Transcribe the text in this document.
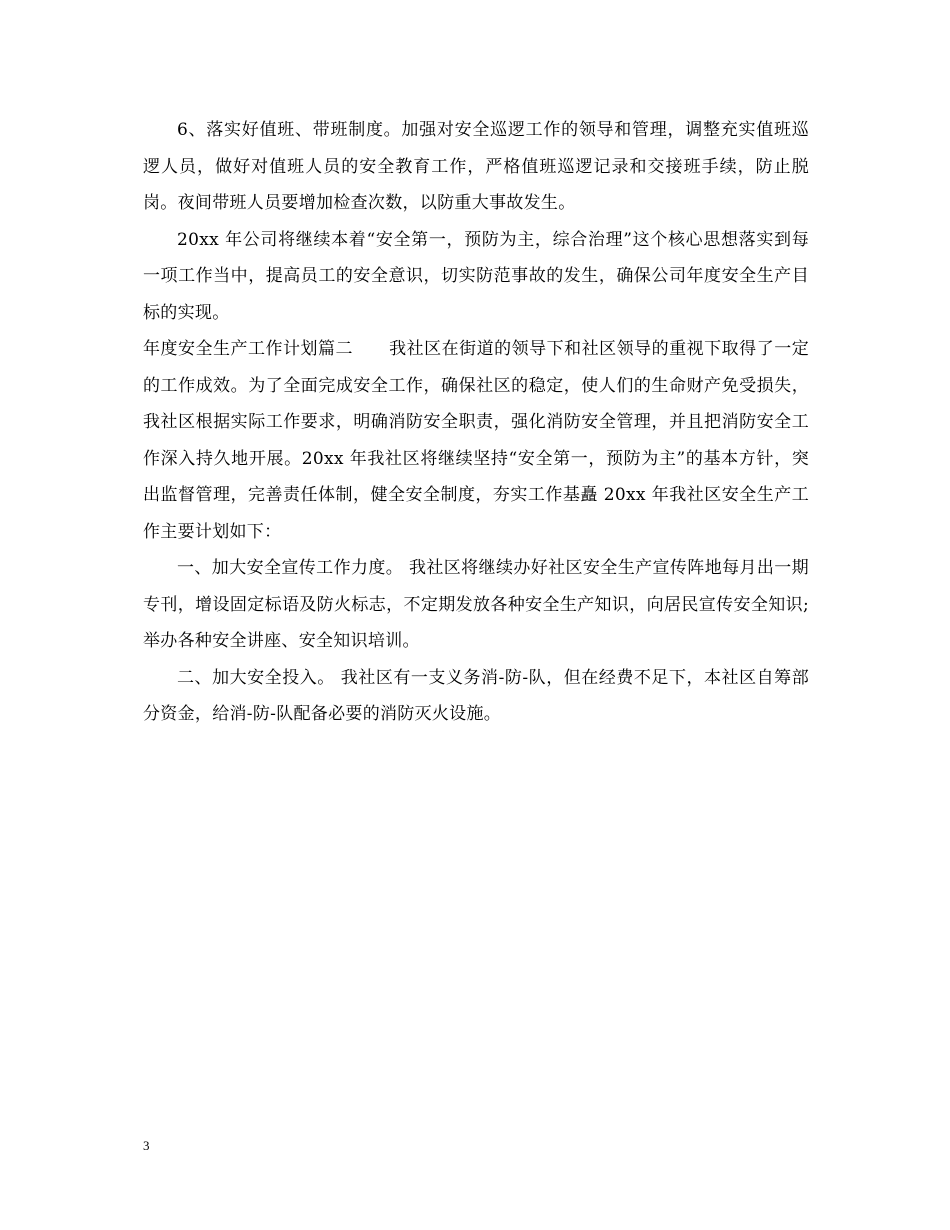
6、落实好值班、带班制度。加强对安全巡逻工作的领导和管理，调整充实值班巡逻人员，做好对值班人员的安全教育工作，严格值班巡逻记录和交接班手续，防止脱岗。夜间带班人员要增加检查次数，以防重大事故发生。

20xx 年公司将继续本着“安全第一，预防为主，综合治理”这个核心思想落实到每一项工作当中，提高员工的安全意识，切实防范事故的发生，确保公司年度安全生产目标的实现。

年度安全生产工作计划篇二 我社区在街道的领导下和社区领导的重视下取得了一定的工作成效。为了全面完成安全工作，确保社区的稳定，使人们的生命财产免受损失，我社区根据实际工作要求，明确消防安全职责，强化消防安全管理，并且把消防安全工作深入持久地开展。20xx 年我社区将继续坚持“安全第一，预防为主”的基本方针，突出监督管理，完善责任体制，健全安全制度，夯实工作基矗 20xx 年我社区安全生产工作主要计划如下：

一、加大安全宣传工作力度。 我社区将继续办好社区安全生产宣传阵地每月出一期专刊，增设固定标语及防火标志，不定期发放各种安全生产知识，向居民宣传安全知识;举办各种安全讲座、安全知识培训。

二、加大安全投入。 我社区有一支义务消-防-队，但在经费不足下，本社区自筹部分资金，给消-防-队配备必要的消防灭火设施。

3
